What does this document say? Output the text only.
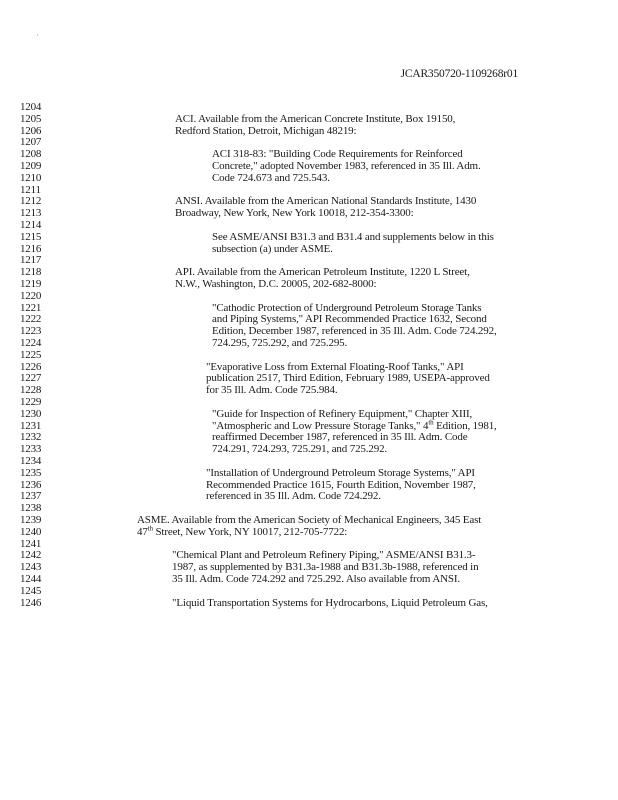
·
JCAR350720-1109268r01
1204
1205	ACI. Available from the American Concrete Institute, Box 19150,
1206	Redford Station, Detroit, Michigan 48219:
1207
1208	ACI 318-83: "Building Code Requirements for Reinforced
1209	Concrete," adopted November 1983, referenced in 35 Ill. Adm.
1210	Code 724.673 and 725.543.
1211
1212	ANSI. Available from the American National Standards Institute, 1430
1213	Broadway, New York, New York 10018, 212-354-3300:
1214
1215	See ASME/ANSI B31.3 and B31.4 and supplements below in this
1216	subsection (a) under ASME.
1217
1218	API. Available from the American Petroleum Institute, 1220 L Street,
1219	N.W., Washington, D.C. 20005, 202-682-8000:
1220
1221	"Cathodic Protection of Underground Petroleum Storage Tanks
1222	and Piping Systems," API Recommended Practice 1632, Second
1223	Edition, December 1987, referenced in 35 Ill. Adm. Code 724.292,
1224	724.295, 725.292, and 725.295.
1225
1226	"Evaporative Loss from External Floating-Roof Tanks," API
1227	publication 2517, Third Edition, February 1989, USEPA-approved
1228	for 35 Ill. Adm. Code 725.984.
1229
1230	"Guide for Inspection of Refinery Equipment," Chapter XIII,
1231	"Atmospheric and Low Pressure Storage Tanks," 4th Edition, 1981,
1232	reaffirmed December 1987, referenced in 35 Ill. Adm. Code
1233	724.291, 724.293, 725.291, and 725.292.
1234
1235	"Installation of Underground Petroleum Storage Systems," API
1236	Recommended Practice 1615, Fourth Edition, November 1987,
1237	referenced in 35 Ill. Adm. Code 724.292.
1238
1239	ASME. Available from the American Society of Mechanical Engineers, 345 East
1240	47th Street, New York, NY 10017, 212-705-7722:
1241
1242	"Chemical Plant and Petroleum Refinery Piping," ASME/ANSI B31.3-
1243	1987, as supplemented by B31.3a-1988 and B31.3b-1988, referenced in
1244	35 Ill. Adm. Code 724.292 and 725.292. Also available from ANSI.
1245
1246	"Liquid Transportation Systems for Hydrocarbons, Liquid Petroleum Gas,
